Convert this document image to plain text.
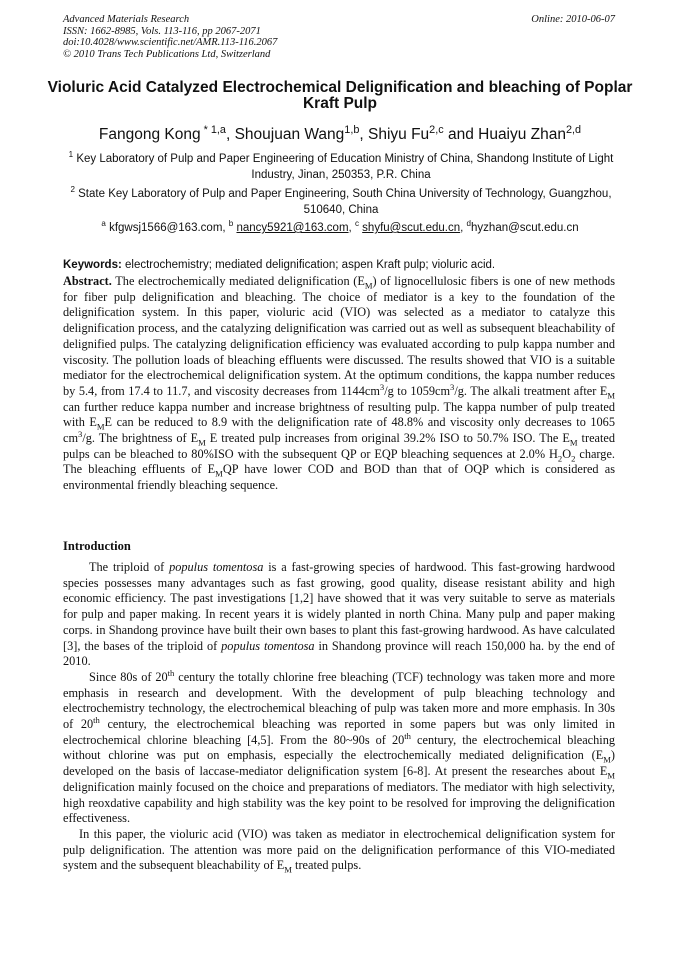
Advanced Materials Research
ISSN: 1662-8985, Vols. 113-116, pp 2067-2071
doi:10.4028/www.scientific.net/AMR.113-116.2067
© 2010 Trans Tech Publications Ltd, Switzerland
Online: 2010-06-07
Violuric Acid Catalyzed Electrochemical Delignification and bleaching of Poplar Kraft Pulp
Fangong Kong $^{* 1,a}$, Shoujuan Wang$^{1,b}$, Shiyu Fu$^{2,c}$ and Huaiyu Zhan$^{2,d}$
$^1$ Key Laboratory of Pulp and Paper Engineering of Education Ministry of China, Shandong Institute of Light Industry, Jinan, 250353, P.R. China
$^2$ State Key Laboratory of Pulp and Paper Engineering, South China University of Technology, Guangzhou, 510640, China
$^a$ kfgwsj1566@163.com, $^b$ nancy5921@163.com, $^c$ shyfu@scut.edu.cn, $^d$hyzhan@scut.edu.cn
Keywords: electrochemistry; mediated delignification; aspen Kraft pulp; violuric acid.
Abstract. The electrochemically mediated delignification $(E_M)$ of lignocellulosic fibers is one of new methods for fiber pulp delignification and bleaching. The choice of mediator is a key to the foundation of the delignification system. In this paper, violuric acid (VIO) was selected as a mediator to catalyze this delignification process, and the catalyzing delignification was carried out as well as subsequent bleachability of delignified pulps. The catalyzing delignification efficiency was evaluated according to pulp kappa number and viscosity. The pollution loads of bleaching effluents were discussed. The results showed that VIO is a suitable mediator for the electrochemical delignification system. At the optimum conditions, the kappa number reduces by 5.4, from 17.4 to 11.7, and viscosity decreases from $1144cm^3/g$ to $1059cm^3/g$. The alkali treatment after $E_M$ can further reduce kappa number and increase brightness of resulting pulp. The kappa number of pulp treated with $E_ME$ can be reduced to 8.9 with the delignification rate of 48.8% and viscosity only decreases to 1065 $cm^3/g$. The brightness of $E_M$ E treated pulp increases from original 39.2% ISO to 50.7% ISO. The $E_M$ treated pulps can be bleached to 80%ISO with the subsequent QP or EQP bleaching sequences at 2.0% $H_2O_2$ charge. The bleaching effluents of $E_MQP$ have lower COD and BOD than that of OQP which is considered as environmental friendly bleaching sequence.
Introduction

The triploid of populus tomentosa is a fast-growing species of hardwood. This fast-growing hardwood species possesses many advantages such as fast growing, good quality, disease resistant ability and high economic efficiency. The past investigations [1,2] have showed that it was very suitable to serve as materials for pulp and paper making. In recent years it is widely planted in north China. Many pulp and paper making corps. in Shandong province have built their own bases to plant this fast-growing hardwood. As have calculated [3], the bases of the triploid of populus tomentosa in Shandong province will reach 150,000 ha. by the end of 2010.

Since 80s of 20th century the totally chlorine free bleaching (TCF) technology was taken more and more emphasis in research and development. With the development of pulp bleaching technology and electrochemistry technology, the electrochemical bleaching of pulp was taken more and more emphasis. In 30s of 20th century, the electrochemical bleaching was reported in some papers but was only limited in electrochemical chlorine bleaching [4,5]. From the 80~90s of 20th century, the electrochemical bleaching without chlorine was put on emphasis, especially the electrochemically mediated delignification $(E_M)$ developed on the basis of laccase-mediator delignification system [6-8]. At present the researches about $E_M$ delignification mainly focused on the choice and preparations of mediators. The mediator with high selectivity, high reoxdative capability and high stability was the key point to be resolved for improving the delignification effectiveness.

In this paper, the violuric acid (VIO) was taken as mediator in electrochemical delignification system for pulp delignification. The attention was more paid on the delignification performance of this VIO-mediated system and the subsequent bleachability of $E_M$ treated pulps.
